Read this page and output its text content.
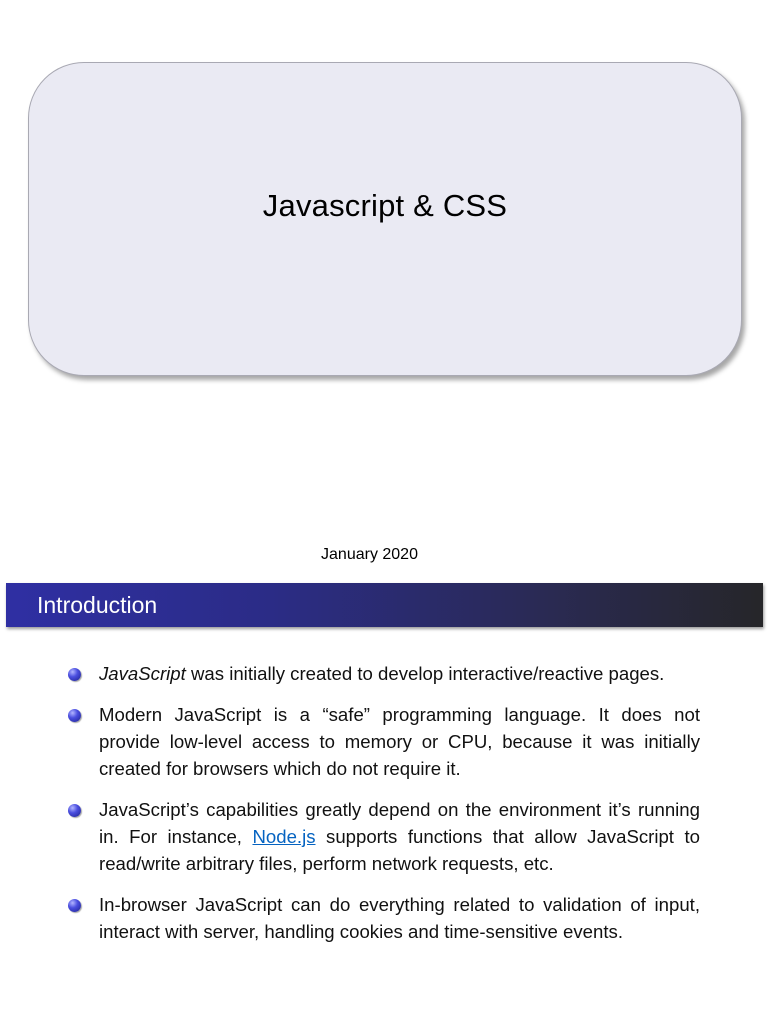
Javascript & CSS
January 2020
Introduction
JavaScript was initially created to develop interactive/reactive pages.
Modern JavaScript is a “safe” programming language. It does not provide low-level access to memory or CPU, because it was initially created for browsers which do not require it.
JavaScript’s capabilities greatly depend on the environment it’s running in. For instance, Node.js supports functions that allow JavaScript to read/write arbitrary files, perform network requests, etc.
In-browser JavaScript can do everything related to validation of input, interact with server, handling cookies and time-sensitive events.
